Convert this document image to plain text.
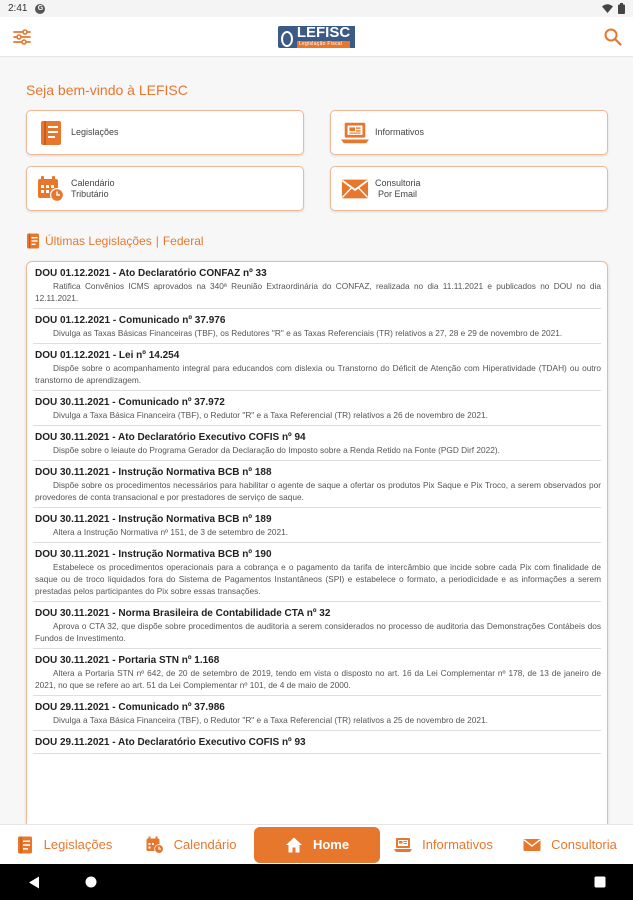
2:41	G
LEFISC
Legislação Fiscal
Seja bem-vindo à LEFISC
Legislações	Informativos
Calendário
Tributário
Consultoria
Por Email
Últimas Legislações | Federal
DOU 01.12.2021 - Ato Declaratório CONFAZ nº 33
Ratifica Convênios ICMS aprovados na 340ª Reunião Extraordinária do CONFAZ, realizada no dia 11.11.2021 e publicados no DOU no dia 12.11.2021.
DOU 01.12.2021 - Comunicado nº 37.976
Divulga as Taxas Básicas Financeiras (TBF), os Redutores "R" e as Taxas Referenciais (TR) relativos a 27, 28 e 29 de novembro de 2021.
DOU 01.12.2021 - Lei nº 14.254
Dispõe sobre o acompanhamento integral para educandos com dislexia ou Transtorno do Déficit de Atenção com Hiperatividade (TDAH) ou outro transtorno de aprendizagem.
DOU 30.11.2021 - Comunicado nº 37.972
Divulga a Taxa Básica Financeira (TBF), o Redutor "R" e a Taxa Referencial (TR) relativos a 26 de novembro de 2021.
DOU 30.11.2021 - Ato Declaratório Executivo COFIS nº 94
Dispõe sobre o leiaute do Programa Gerador da Declaração do Imposto sobre a Renda Retido na Fonte (PGD Dirf 2022).
DOU 30.11.2021 - Instrução Normativa BCB nº 188
Dispõe sobre os procedimentos necessários para habilitar o agente de saque a ofertar os produtos Pix Saque e Pix Troco, a serem observados por provedores de conta transacional e por prestadores de serviço de saque.
DOU 30.11.2021 - Instrução Normativa BCB nº 189
Altera a Instrução Normativa nº 151, de 3 de setembro de 2021.
DOU 30.11.2021 - Instrução Normativa BCB nº 190
Estabelece os procedimentos operacionais para a cobrança e o pagamento da tarifa de intercâmbio que incide sobre cada Pix com finalidade de saque ou de troco liquidados fora do Sistema de Pagamentos Instantâneos (SPI) e estabelece o formato, a periodicidade e as informações a serem prestadas pelos participantes do Pix sobre essas transações.
DOU 30.11.2021 - Norma Brasileira de Contabilidade CTA nº 32
Aprova o CTA 32, que dispõe sobre procedimentos de auditoria a serem considerados no processo de auditoria das Demonstrações Contábeis dos Fundos de Investimento.
DOU 30.11.2021 - Portaria STN nº 1.168
Altera a Portaria STN nº 642, de 20 de setembro de 2019, tendo em vista o disposto no art. 16 da Lei Complementar nº 178, de 13 de janeiro de 2021, no que se refere ao art. 51 da Lei Complementar nº 101, de 4 de maio de 2000.
DOU 29.11.2021 - Comunicado nº 37.986
Divulga a Taxa Básica Financeira (TBF), o Redutor "R" e a Taxa Referencial (TR) relativos a 25 de novembro de 2021.
DOU 29.11.2021 - Ato Declaratório Executivo COFIS nº 93
Legislações	Calendário	Home	Informativos	Consultoria
